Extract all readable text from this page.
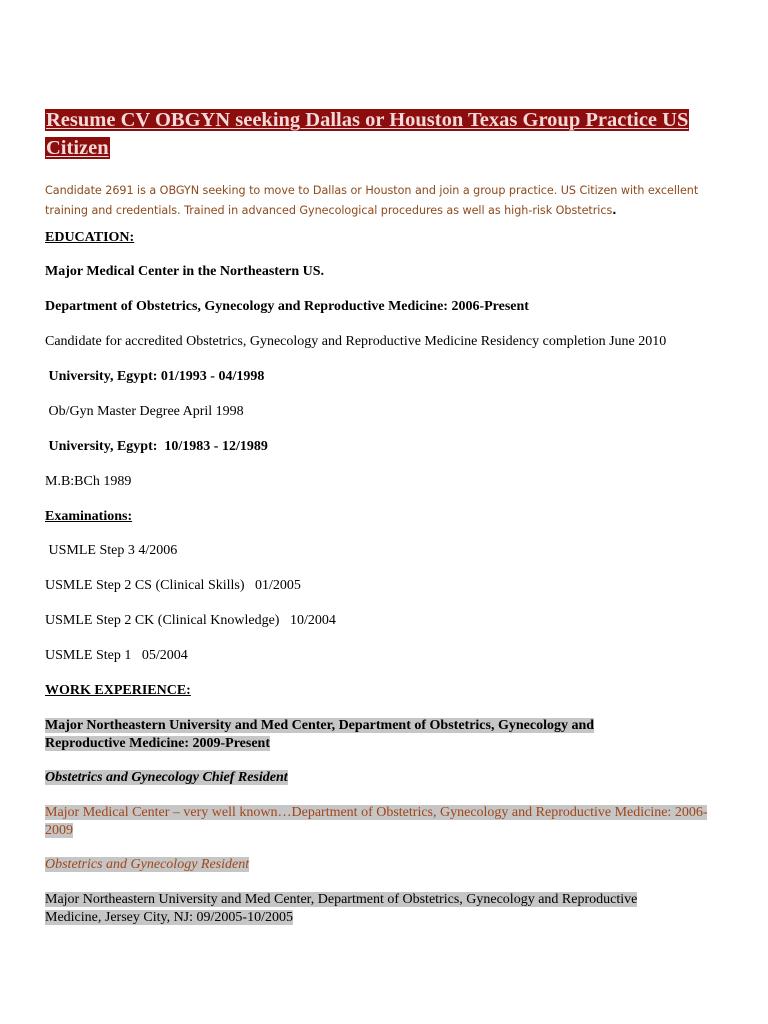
Resume CV OBGYN seeking Dallas or Houston Texas Group Practice US Citizen
Candidate 2691 is a OBGYN seeking to move to Dallas or Houston and join a group practice. US Citizen with excellent training and credentials. Trained in advanced Gynecological procedures as well as high-risk Obstetrics.

EDUCATION:

Major Medical Center in the Northeastern US.

Department of Obstetrics, Gynecology and Reproductive Medicine: 2006-Present

Candidate for accredited Obstetrics, Gynecology and Reproductive Medicine Residency completion June 2010

University, Egypt: 01/1993 - 04/1998

Ob/Gyn Master Degree April 1998

University, Egypt:  10/1983 - 12/1989

M.B:BCh 1989

Examinations:

USMLE Step 3 4/2006

USMLE Step 2 CS (Clinical Skills)   01/2005

USMLE Step 2 CK (Clinical Knowledge)   10/2004

USMLE Step 1   05/2004

WORK EXPERIENCE:

Major Northeastern University and Med Center, Department of Obstetrics, Gynecology and Reproductive Medicine: 2009-Present

Obstetrics and Gynecology Chief Resident

Major Medical Center – very well known…Department of Obstetrics, Gynecology and Reproductive Medicine: 2006-2009

Obstetrics and Gynecology Resident

Major Northeastern University and Med Center, Department of Obstetrics, Gynecology and Reproductive Medicine, Jersey City, NJ: 09/2005-10/2005
